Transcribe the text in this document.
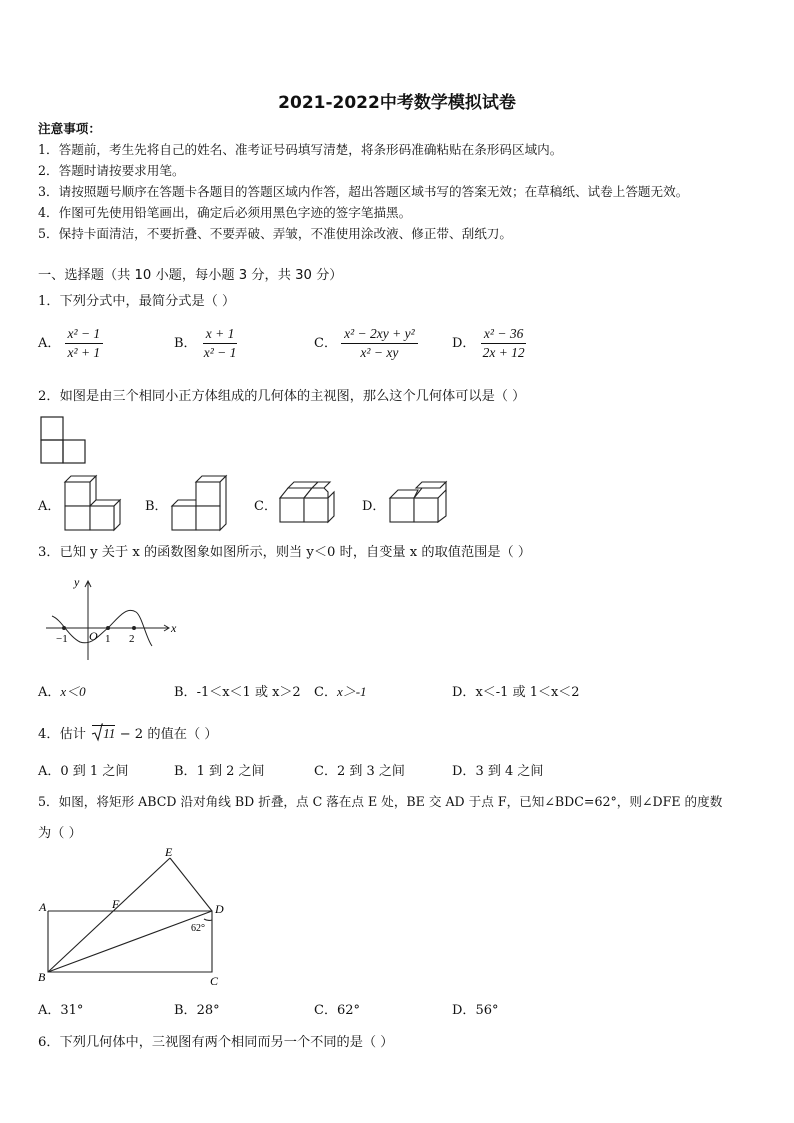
2021-2022中考数学模拟试卷
注意事项：
1．答题前，考生先将自己的姓名、准考证号码填写清楚，将条形码准确粘贴在条形码区域内。
2．答题时请按要求用笔。
3．请按照题号顺序在答题卡各题目的答题区域内作答，超出答题区域书写的答案无效；在草稿纸、试卷上答题无效。
4．作图可先使用铅笔画出，确定后必须用黑色字迹的签字笔描黑。
5．保持卡面清洁，不要折叠、不要弄破、弄皱，不准使用涂改液、修正带、刮纸刀。
一、选择题（共 10 小题，每小题 3 分，共 30 分）
1．下列分式中，最简分式是（ ）
A． $\frac{\text{x² − 1}}{\text{x² + 1}}$	B． $\frac{x + 1}{\text{x² − 1}}$	C． $\frac{\text{x² − 2xy + y²}}{\text{x² − xy}}$	D． $\frac{\text{x² − 36}}{2x + 12}$
2．如图是由三个相同小正方体组成的几何体的主视图，那么这个几何体可以是（ ）
A．	B．	C．	D．
3．已知 y 关于 x 的函数图象如图所示，则当 y＜0 时，自变量 x 的取值范围是（ ）
y
x
O
−1	1 2
A．x＜0	B．-1＜x＜1 或 x＞2 C．x＞-1	D．x＜-1 或 1＜x＜2
4．估计 11 − 2 的值在（ ）
A．0 到 1 之间	B．1 到 2 之间	C．2 到 3 之间	D．3 到 4 之间
5．如图，将矩形 ABCD 沿对角线 BD 折叠，点 C 落在点 E 处，BE 交 AD 于点 F，已知∠BDC=62°，则∠DFE 的度数
为（ ）
A
B	C
D
E
F
62°
A．31°	B．28°	C．62°	D．56°
6．下列几何体中，三视图有两个相同而另一个不同的是（ ）
